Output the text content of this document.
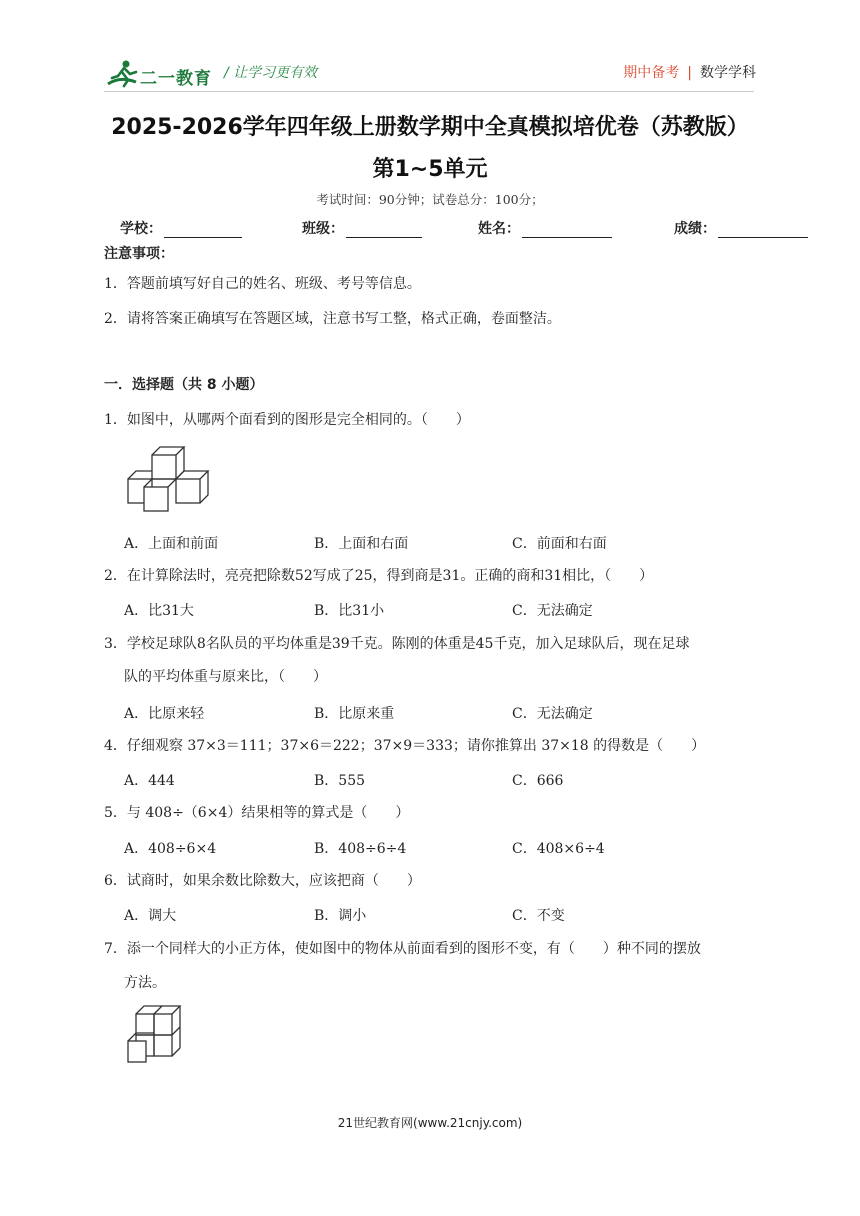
二一教育 / 让学习更有效	期中备考 | 数学学科
2025-2026学年四年级上册数学期中全真模拟培优卷（苏教版）
第1~5单元
考试时间：90分钟；试卷总分：100分；
学校：	班级：	姓名：	成绩：
注意事项：
1．答题前填写好自己的姓名、班级、考号等信息。
2．请将答案正确填写在答题区域，注意书写工整，格式正确，卷面整洁。
一．选择题（共 8 小题）
1．如图中，从哪两个面看到的图形是完全相同的。（　　）
A．上面和前面	B．上面和右面	C．前面和右面
2．在计算除法时，亮亮把除数52写成了25，得到商是31。正确的商和31相比，（　　）
A．比31大	B．比31小	C．无法确定
3．学校足球队8名队员的平均体重是39千克。陈刚的体重是45千克，加入足球队后，现在足球
队的平均体重与原来比，（　　）
A．比原来轻	B．比原来重	C．无法确定
4．仔细观察 37×3＝111；37×6＝222；37×9＝333；请你推算出 37×18 的得数是（　　）
A．444	B．555	C．666
5．与 408÷（6×4）结果相等的算式是（　　）
A．408÷6×4	B．408÷6÷4	C．408×6÷4
6．试商时，如果余数比除数大，应该把商（　　）
A．调大	B．调小	C．不变
7．添一个同样大的小正方体，使如图中的物体从前面看到的图形不变，有（　　）种不同的摆放
方法。
21世纪教育网(www.21cnjy.com)
